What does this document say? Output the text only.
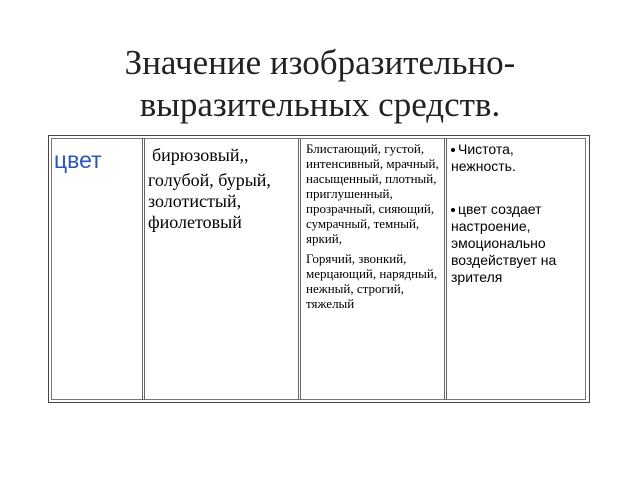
Значение изобразительно-
выразительных средств.
цвет	бирюзовый,,
голубой, бурый, золотистый, фиолетовый

Блистающий, густой, интенсивный, мрачный, насыщенный, плотный, приглушенный, прозрачный, сияющий, сумрачный, темный, яркий,

Горячий, звонкий, мерцающий, нарядный, нежный, строгий, тяжелый

Чистота, нежность.
цвет создает настроение, эмоционально воздействует на зрителя
